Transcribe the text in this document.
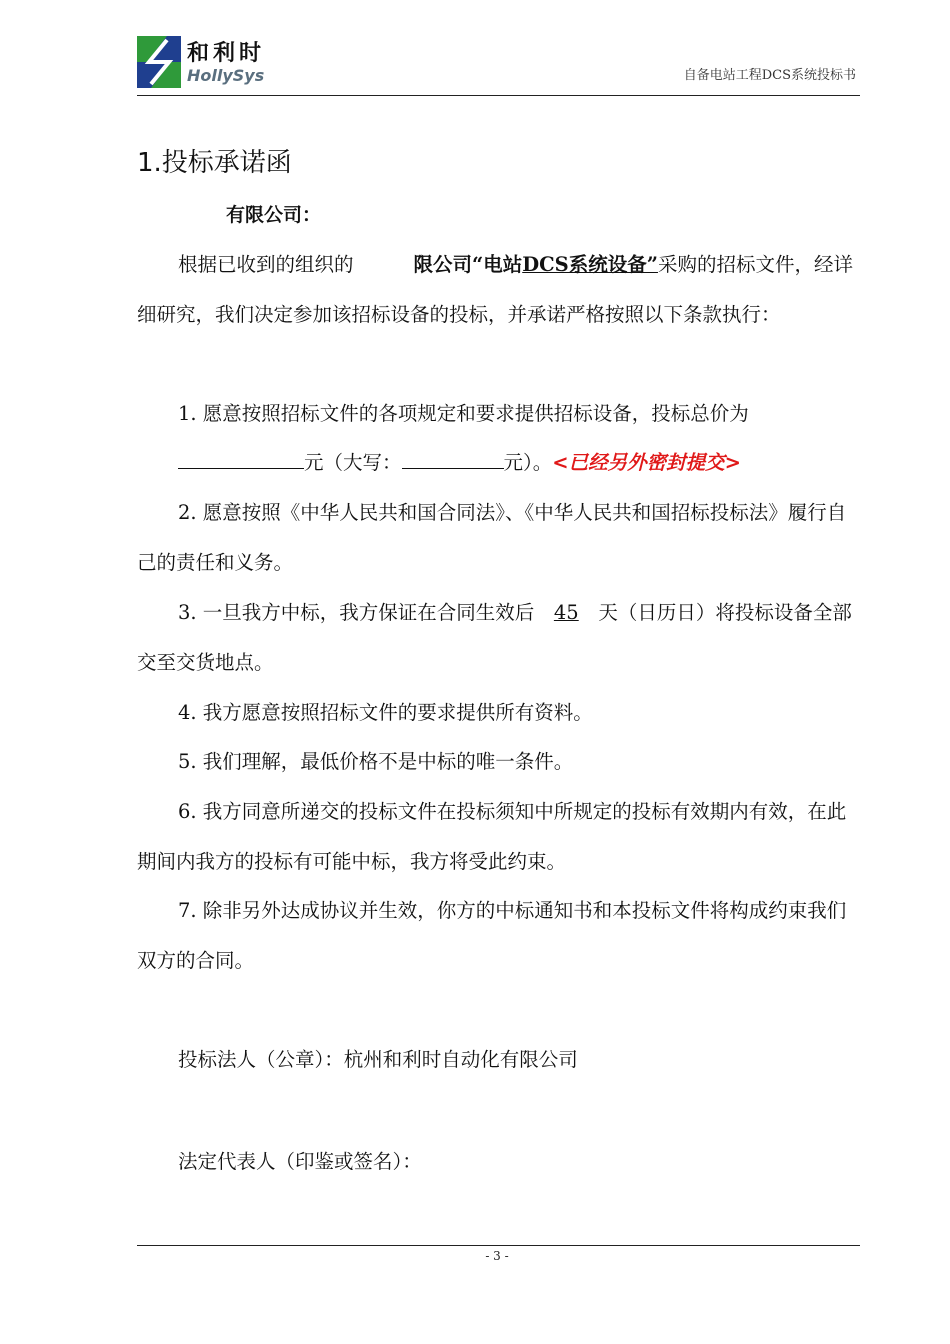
和利时
HollySys	自备电站工程DCS系统投标书
1.投标承诺函
有限公司：
根据已收到的组织的	限公司“电站DCS系统设备”采购的招标文件，经详细研究，我们决定参加该招标设备的投标，并承诺严格按照以下条款执行：
1. 愿意按照招标文件的各项规定和要求提供招标设备，投标总价为
元（大写：	元）。<已经另外密封提交>
2. 愿意按照《中华人民共和国合同法》、《中华人民共和国招标投标法》履行自己的责任和义务。
3. 一旦我方中标，我方保证在合同生效后 45 天（日历日）将投标设备全部交至交货地点。
4. 我方愿意按照招标文件的要求提供所有资料。
5. 我们理解，最低价格不是中标的唯一条件。
6. 我方同意所递交的投标文件在投标须知中所规定的投标有效期内有效，在此期间内我方的投标有可能中标，我方将受此约束。
7. 除非另外达成协议并生效，你方的中标通知书和本投标文件将构成约束我们双方的合同。
投标法人（公章）：杭州和利时自动化有限公司
法定代表人（印鉴或签名）：
- 3 -
